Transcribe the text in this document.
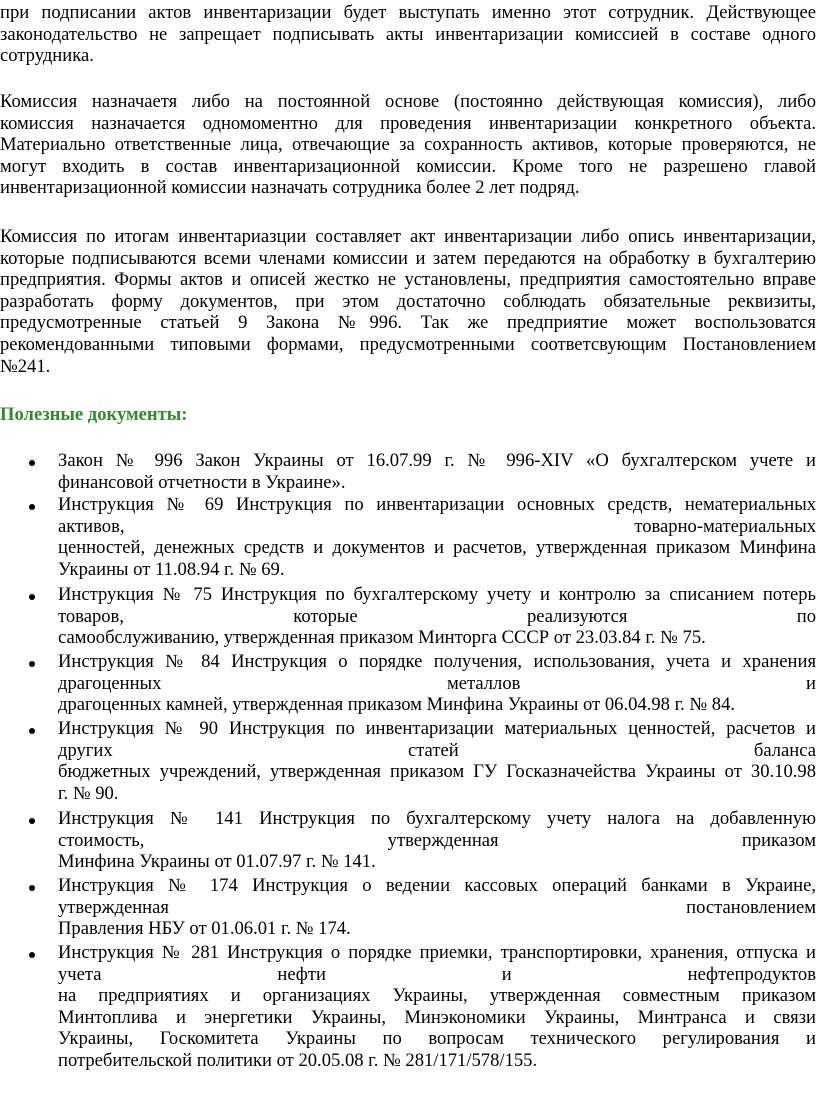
при подписании актов инвентаризации будет выступать именно этот сотрудник. Действующее
законодательство не запрещает подписывать акты инвентаризации комиссией в составе одного
сотрудника.
Комиссия назначаетя либо на постоянной основе (постоянно действующая комиссия), либо
комиссия назначается одномоментно для проведения инвентаризации конкретного объекта.
Материально ответственные лица, отвечающие за сохранность активов, которые проверяются, не
могут входить в состав инвентаризационной комиссии. Кроме того не разрешено главой
инвентаризационной комиссии назначать сотрудника более 2 лет подряд.
Комиссия по итогам инвентариазции составляет акт инвентаризации либо опись инвентаризации,
которые подписываются всеми членами комиссии и затем передаются на обработку в бухгалтерию
предприятия. Формы актов и описей жестко не установлены, предприятия самостоятельно вправе
разработать форму документов, при этом достаточно соблюдать обязательные реквизиты,
предусмотренные статьей 9 Закона №996. Так же предприятие может воспользоватся
рекомендованными типовыми формами, предусмотренными соответсвующим Постановлением
№241.
Полезные документы:
Закон № 996 Закон Украины от 16.07.99 г. № 996-XIV «О бухгалтерском учете и
финансовой отчетности в Украине».
Инструкция № 69 Инструкция по инвентаризации основных средств, нематериальных
активов, товарно-материальных
ценностей, денежных средств и документов и расчетов, утвержденная приказом Минфина
Украины от 11.08.94 г. № 69.
Инструкция № 75 Инструкция по бухгалтерскому учету и контролю за списанием потерь
товаров, которые реализуются по
самообслуживанию, утвержденная приказом Минторга СССР от 23.03.84 г. № 75.
Инструкция № 84 Инструкция о порядке получения, использования, учета и хранения
драгоценных металлов и
драгоценных камней, утвержденная приказом Минфина Украины от 06.04.98 г. № 84.
Инструкция № 90 Инструкция по инвентаризации материальных ценностей, расчетов и
других статей баланса
бюджетных учреждений, утвержденная приказом ГУ Госказначейства Украины от 30.10.98
г. № 90.
Инструкция № 141 Инструкция по бухгалтерскому учету налога на добавленную
стоимость, утвержденная приказом
Минфина Украины от 01.07.97 г. № 141.
Инструкция № 174 Инструкция о ведении кассовых операций банками в Украине,
утвержденная постановлением
Правления НБУ от 01.06.01 г. № 174.
Инструкция № 281 Инструкция о порядке приемки, транспортировки, хранения, отпуска и
учета нефти и нефтепродуктов
на предприятиях и организациях Украины, утвержденная совместным приказом
Минтоплива и энергетики Украины, Минэкономики Украины, Минтранса и связи
Украины, Госкомитета Украины по вопросам технического регулирования и
потребительской политики от 20.05.08 г. № 281/171/578/155.
